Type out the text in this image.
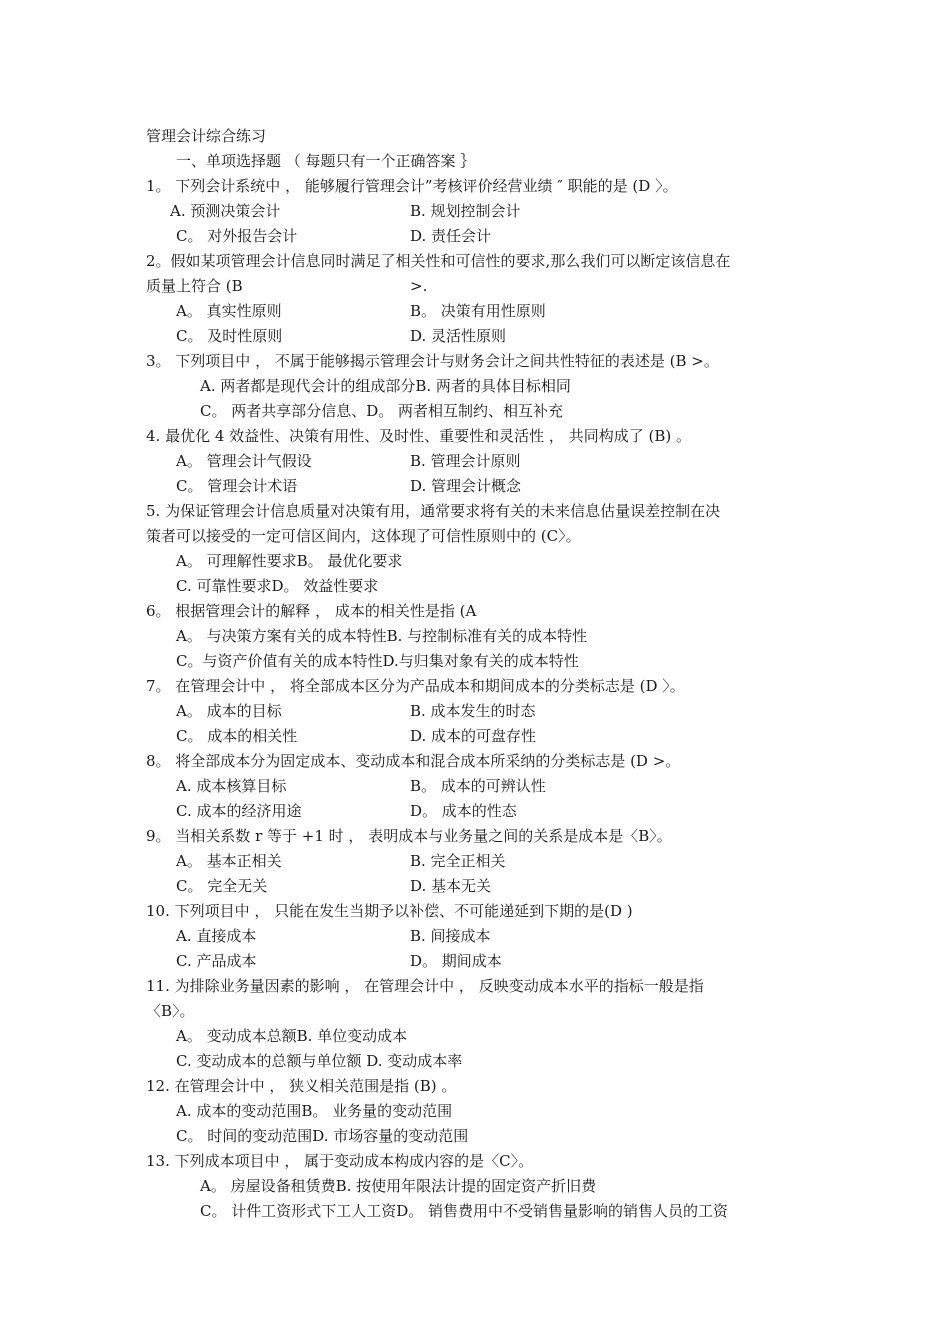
管理会计综合练习
一、单项选择题 （ 每题只有一个正确答案 ｝
1。 下列会计系统中 ， 能够履行管理会计”考核评价经营业绩 ″ 职能的是 (D 〉。
A. 预测决策会计	B. 规划控制会计
C。 对外报告会计	D. 责任会计
2。假如某项管理会计信息同时满足了相关性和可信性的要求,那么我们可以断定该信息在
质量上符合 (B	>.
A。 真实性原则	B。 决策有用性原则
C。 及时性原则	D. 灵活性原则
3。 下列项目中 ， 不属于能够揭示管理会计与财务会计之间共性特征的表述是 (B >。
A. 两者都是现代会计的组成部分B. 两者的具体目标相同
C。 两者共享部分信息、D。 两者相互制约、相互补充
4. 最优化 4 效益性、决策有用性、及时性、重要性和灵活性 ， 共同构成了 (B) 。
A。 管理会计气假设	B. 管理会计原则
C。 管理会计术语	D. 管理会计概念
5. 为保证管理会计信息质量对决策有用，通常要求将有关的未来信息估量误差控制在决
策者可以接受的一定可信区间内，这体现了可信性原则中的 (C〉。
A。 可理解性要求B。 最优化要求
C. 可靠性要求D。 效益性要求
6。 根据管理会计的解释 ， 成本的相关性是指 (A
A。 与决策方案有关的成本特性B. 与控制标准有关的成本特性
C。与资产价值有关的成本特性D.与归集对象有关的成本特性
7。 在管理会计中 ， 将全部成本区分为产品成本和期间成本的分类标志是 (D 〉。
A。 成本的目标	B. 成本发生的时态
C。 成本的相关性	D. 成本的可盘存性
8。 将全部成本分为固定成本、变动成本和混合成本所采纳的分类标志是 (D >。
A. 成本核算目标	B。 成本的可辨认性
C. 成本的经济用途	D。 成本的性态
9。 当相关系数 r 等于 +1 时 ， 表明成本与业务量之间的关系是成本是〈B〉。
A。 基本正相关	B. 完全正相关
C。 完全无关	D. 基本无关
10. 下列项目中 ， 只能在发生当期予以补偿、不可能递延到下期的是(D )
A. 直接成本	B. 间接成本
C. 产品成本	D。 期间成本
11. 为排除业务量因素的影响 ， 在管理会计中 ， 反映变动成本水平的指标一般是指
〈B〉。
A。 变动成本总额B. 单位变动成本
C. 变动成本的总额与单位额 D. 变动成本率
12. 在管理会计中 ， 狭义相关范围是指 (B) 。
A. 成本的变动范围B。 业务量的变动范围
C。 时间的变动范围D. 市场容量的变动范围
13. 下列成本项目中 ， 属于变动成本构成内容的是〈C〉。
A。 房屋设备租赁费B. 按使用年限法计提的固定资产折旧费
C。 计件工资形式下工人工资D。 销售费用中不受销售量影响的销售人员的工资
